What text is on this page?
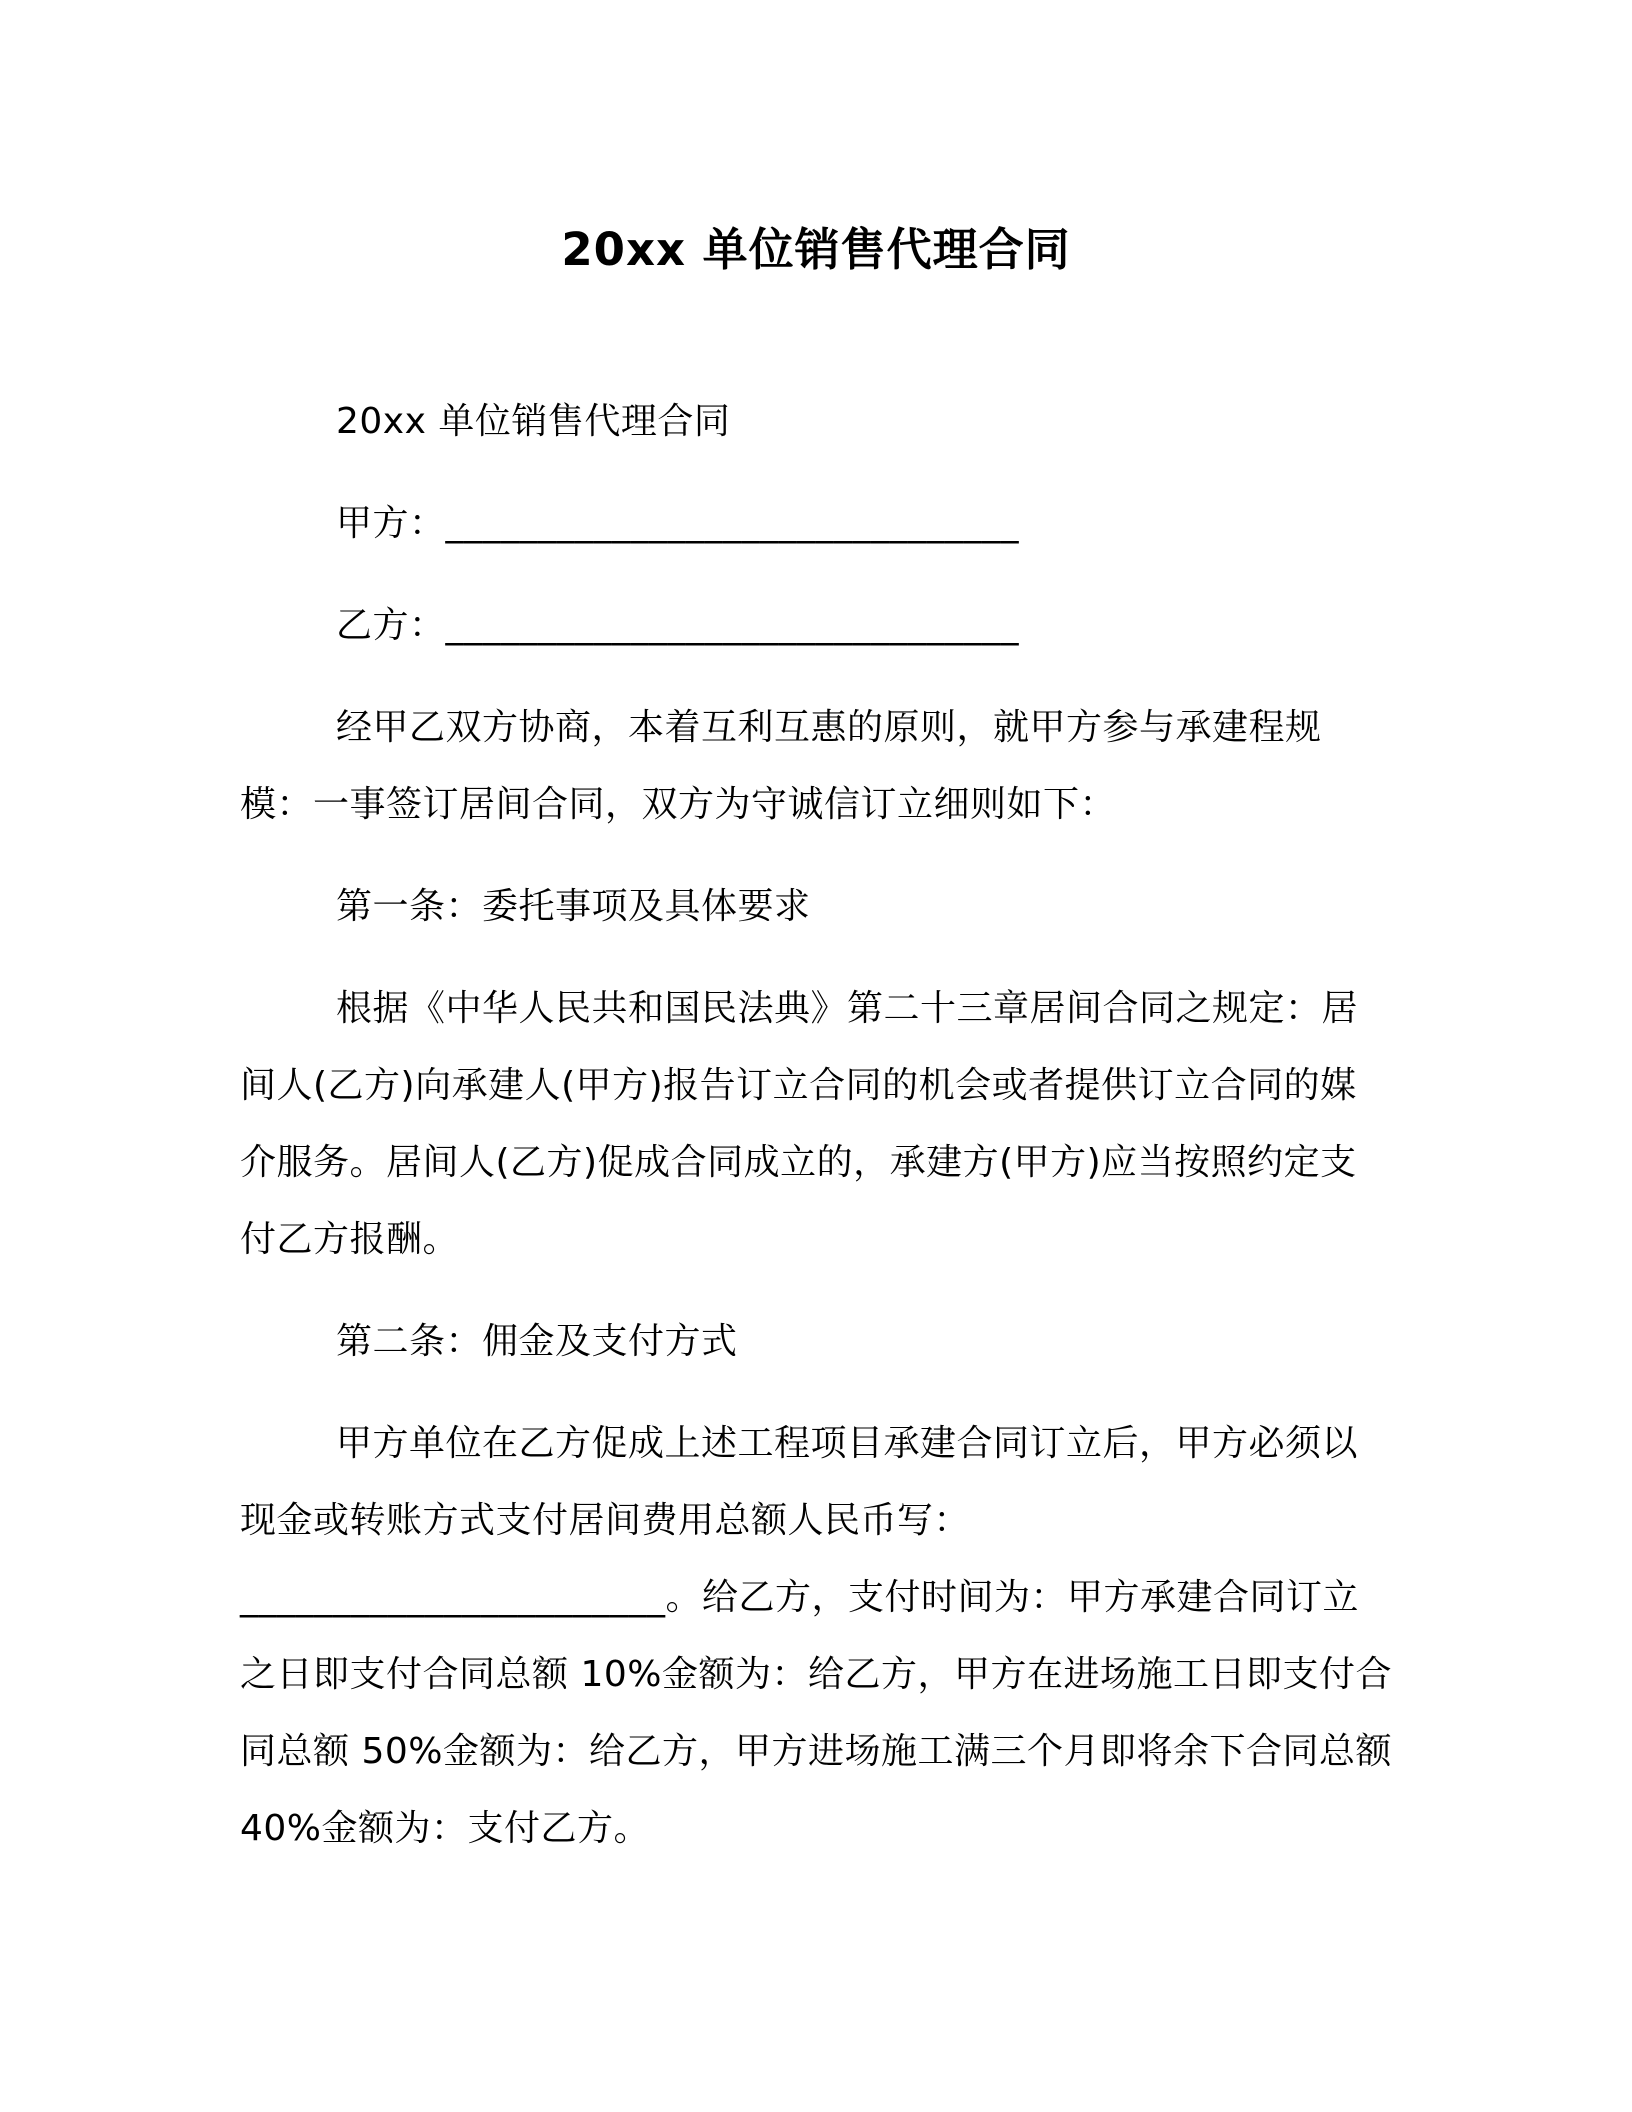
20xx 单位销售代理合同

20xx 单位销售代理合同

甲方：_______________________________

乙方：_______________________________

经甲乙双方协商，本着互利互惠的原则，就甲方参与承建程规模：一事签订居间合同，双方为守诚信订立细则如下：

第一条：委托事项及具体要求

根据《中华人民共和国民法典》第二十三章居间合同之规定：居间人(乙方)向承建人(甲方)报告订立合同的机会或者提供订立合同的媒介服务。居间人(乙方)促成合同成立的，承建方(甲方)应当按照约定支付乙方报酬。

第二条：佣金及支付方式

甲方单位在乙方促成上述工程项目承建合同订立后，甲方必须以现金或转账方式支付居间费用总额人民币写：_______________________。给乙方，支付时间为：甲方承建合同订立之日即支付合同总额 10%金额为：给乙方，甲方在进场施工日即支付合同总额 50%金额为：给乙方，甲方进场施工满三个月即将余下合同总额 40%金额为：支付乙方。
